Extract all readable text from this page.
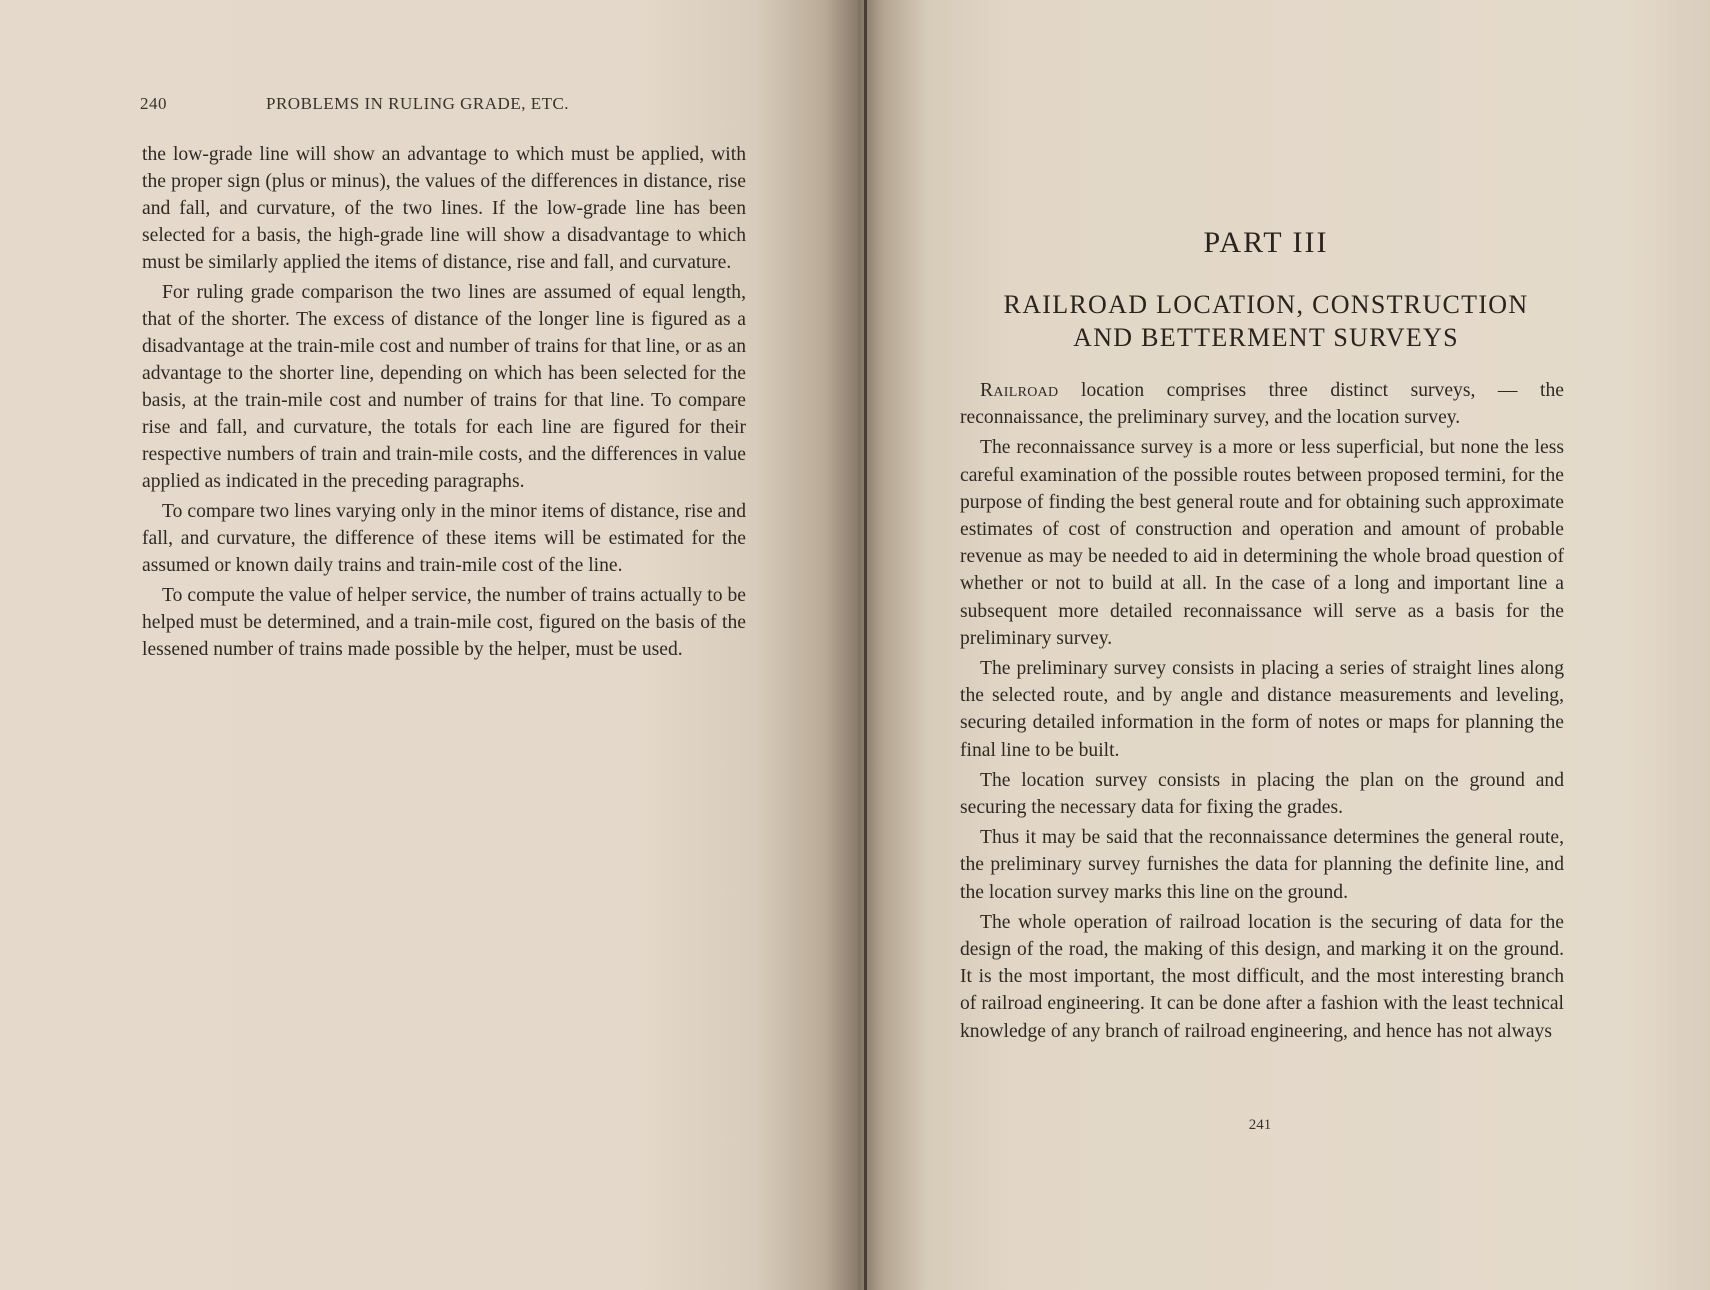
240	PROBLEMS IN RULING GRADE, ETC.

the low-grade line will show an advantage to which must be applied, with the proper sign (plus or minus), the values of the differences in distance, rise and fall, and curvature, of the two lines. If the low-grade line has been selected for a basis, the high-grade line will show a disadvantage to which must be similarly applied the items of distance, rise and fall, and curvature.

For ruling grade comparison the two lines are assumed of equal length, that of the shorter. The excess of distance of the longer line is figured as a disadvantage at the train-mile cost and number of trains for that line, or as an advantage to the shorter line, depending on which has been selected for the basis, at the train-mile cost and number of trains for that line. To compare rise and fall, and curvature, the totals for each line are figured for their respective numbers of train and train-mile costs, and the differences in value applied as indicated in the preceding paragraphs.

To compare two lines varying only in the minor items of distance, rise and fall, and curvature, the difference of these items will be estimated for the assumed or known daily trains and train-mile cost of the line.

To compute the value of helper service, the number of trains actually to be helped must be determined, and a train-mile cost, figured on the basis of the lessened number of trains made possible by the helper, must be used.

PART III
RAILROAD LOCATION, CONSTRUCTION
AND BETTERMENT SURVEYS

Railroad location comprises three distinct surveys, — the reconnaissance, the preliminary survey, and the location survey.

The reconnaissance survey is a more or less superficial, but none the less careful examination of the possible routes between proposed termini, for the purpose of finding the best general route and for obtaining such approximate estimates of cost of construction and operation and amount of probable revenue as may be needed to aid in determining the whole broad question of whether or not to build at all. In the case of a long and important line a subsequent more detailed reconnaissance will serve as a basis for the preliminary survey.

The preliminary survey consists in placing a series of straight lines along the selected route, and by angle and distance measurements and leveling, securing detailed information in the form of notes or maps for planning the final line to be built.

The location survey consists in placing the plan on the ground and securing the necessary data for fixing the grades.

Thus it may be said that the reconnaissance determines the general route, the preliminary survey furnishes the data for planning the definite line, and the location survey marks this line on the ground.

The whole operation of railroad location is the securing of data for the design of the road, the making of this design, and marking it on the ground. It is the most important, the most difficult, and the most interesting branch of railroad engineering. It can be done after a fashion with the least technical knowledge of any branch of railroad engineering, and hence has not always

241
